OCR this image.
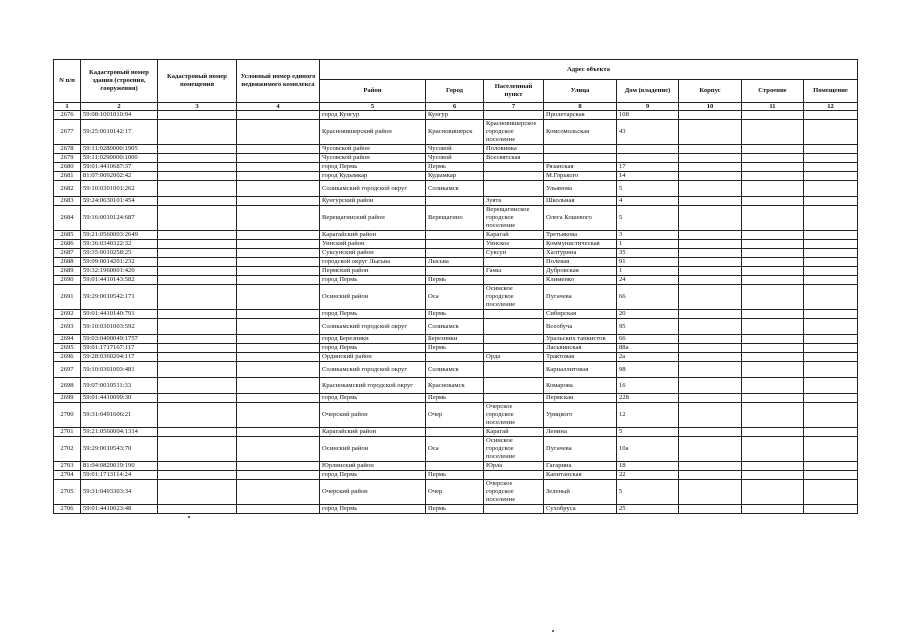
N п/п	Кадастровый номер здания (строения, сооружения)	Кадастровый номер помещения	Условный номер единого недвижимого комплекса	Адрес объекта							
				Район	Город	Населенный пункт	Улица	Дом (владение)	Корпус	Строение	Помещение
1	2	3	4	5	6	7	8	9	10	11	12
2676	59:08:1001010:94			город Кунгур	Кунгур		Пролетарская	108			
2677	59:25:0010142:17			Красновишерский район	Красновишерск	Красновишерское городское поселение	Комсомольская	43			
2678	59:11:0280000:1905			Чусовской район	Чусовой	Половинка					
2679	59:11:0290000:1000			Чусовской район	Чусовой	Всесвятская					
2680	59:01:4410687:37			город Пермь	Пермь		Рязанская	17			
2681	81:07:0092002:42			город Кудымкар	Кудымкар		М.Горького	14			
2682	59:10:0301001:262			Соликамский городской округ	Соликамск		Ульянова	5			
2683	59:24:0630101:454			Кунгурский район		Зуята	Школьная	4			
2684	59:16:0010124:687			Верещагинский район	Верещагино	Верещагинское городское поселение	Олега Кошевого	5			
2685	59:21:0560003:2649			Карагайский район		Карагай	Третьякова	3			
2686	59:36:0340322:32			Уинский район		Уинское	Коммунистическая	1			
2687	59:35:0010258:25			Суксунский район		Суксун	Халтурина	35			
2688	59:09:0014201:232			городской округ Лысьва	Лысьва		Полевая	91			
2689	59:32:1960001:420			Пермский район		Гамы	Дубровская	1			
2690	59:01:4410143:582			город Пермь	Пермь		Клименко	24			
2691	59:29:0010542:171			Осинский район	Оса	Осинское городское поселение	Пугачева	66			
2692	59:01:4410140:791			город Пермь	Пермь		Сибирская	20			
2693	59:10:0301003:592			Соликамский городской округ	Соликамск		Всеобуча	95			
2694	59:03:0400049:1757			город Березники	Березники		Уральских танкистов	66			
2695	59:01:1717167:117			город Пермь	Пермь		Ласьвинская	88а			
2696	59:28:0360204:117			Ординский район		Орда	Трактовая	2а			
2697	59:10:0301003:481			Соликамский городской округ	Соликамск		Карналлитовая	98			
2698	59:07:0010511:33			Краснокамский городской округ	Краснокамск		Комарова	16			
2699	59:01:4410099:30			город Пермь	Пермь		Пермская	228			
2700	59:31:0491606:21			Очерский район	Очер	Очерское городское поселение	Урицкого	12			
2701	59:21:0560004:1314			Карагайский район		Карагай	Ленина	5			
2702	59:29:0010543:70			Осинский район	Оса	Осинское городское поселение	Пугачева	10а			
2703	81:04:0820019:190			Юрлинский район		Юрла	Гагарина	18			
2704	59:01:1713114:24			город Пермь	Пермь		Капитанская	22			
2705	59:31:0493303:34			Очерский район	Очер	Очерское городское поселение	Зеленый	5			
2706	59:01:4410023:48			город Пермь	Пермь		Сухобруса	25			
